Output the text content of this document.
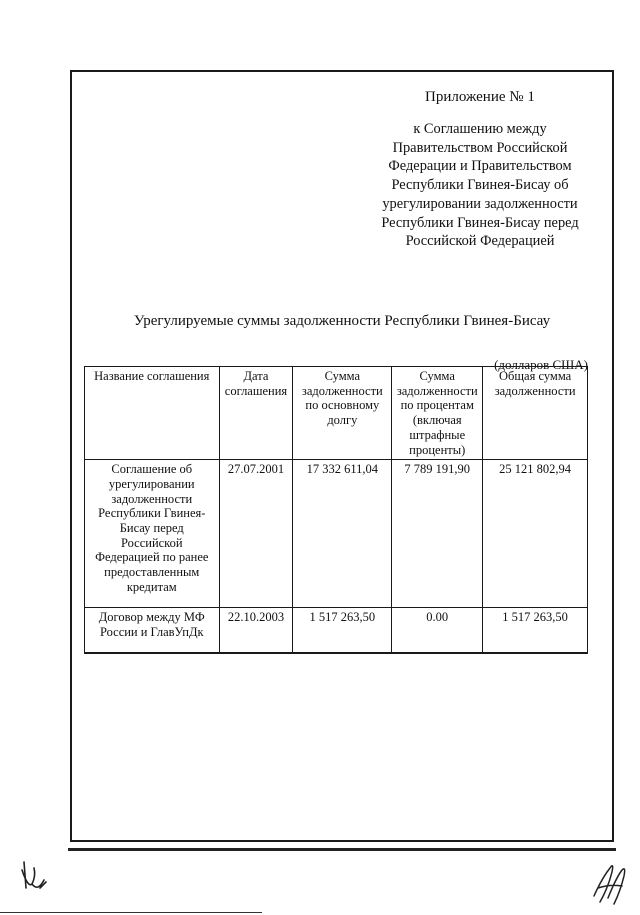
Приложение № 1
к Соглашению между Правительством Российской Федерации и Правительством Республики Гвинея-Бисау об урегулировании задолженности Республики Гвинея-Бисау перед Российской Федерацией
Урегулируемые суммы задолженности Республики Гвинея-Бисау
(долларов США)
Название соглашения	Дата соглашения	Сумма задолженности по основному долгу	Сумма задолженности по процентам (включая штрафные проценты)	Общая сумма задолженности
Соглашение об урегулировании задолженности Республики Гвинея-Бисау перед Российской Федерацией по ранее предоставленным кредитам	27.07.2001	17 332 611,04	7 789 191,90	25 121 802,94
Договор между МФ России и ГлавУпДк	22.10.2003	1 517 263,50	0.00	1 517 263,50
